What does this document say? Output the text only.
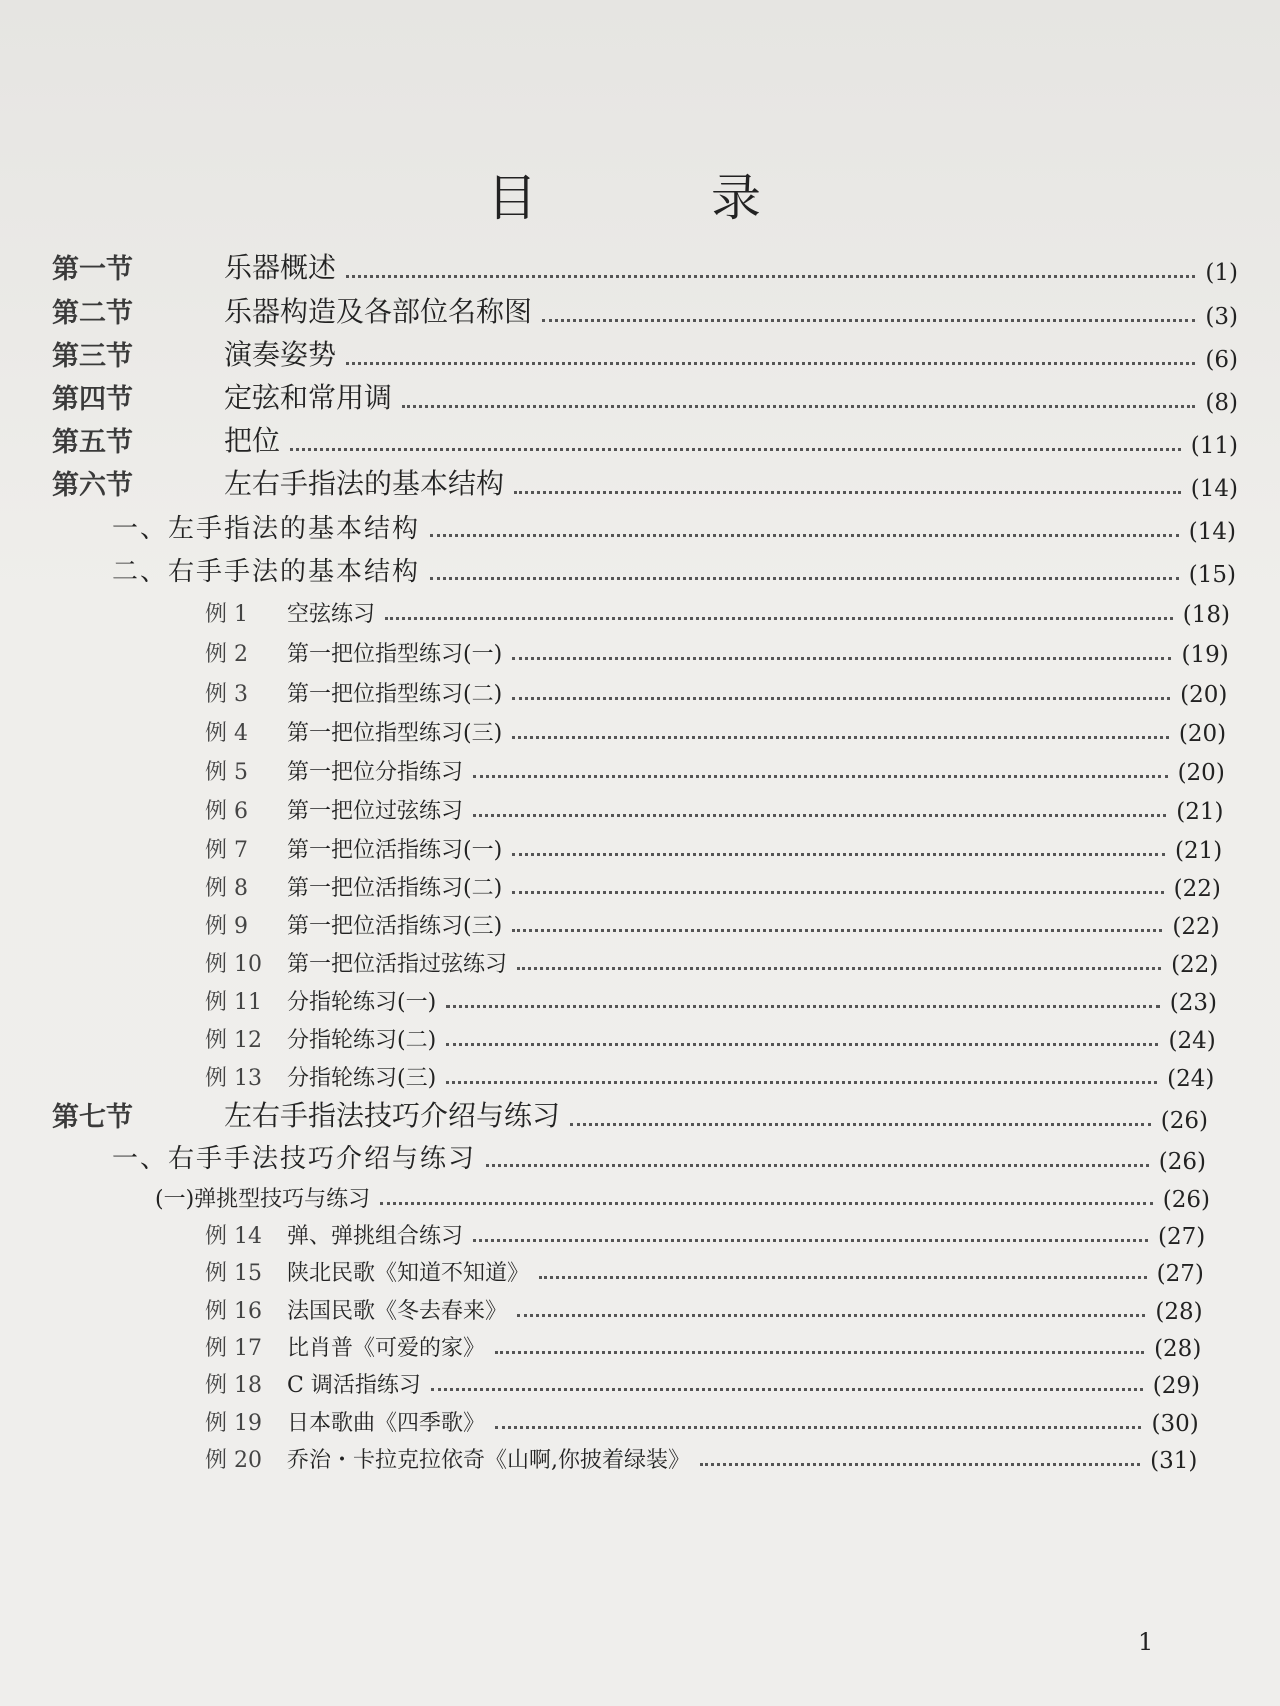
目　录
第一节	乐器概述	(1)
第二节	乐器构造及各部位名称图	(3)
第三节	演奏姿势	(6)
第四节	定弦和常用调	(8)
第五节	把位	(11)
第六节	左右手指法的基本结构	(14)
一、左手指法的基本结构	(14)
二、右手手法的基本结构	(15)
例 1	空弦练习	(18)
例 2	第一把位指型练习(一)	(19)
例 3	第一把位指型练习(二)	(20)
例 4	第一把位指型练习(三)	(20)
例 5	第一把位分指练习	(20)
例 6	第一把位过弦练习	(21)
例 7	第一把位活指练习(一)	(21)
例 8	第一把位活指练习(二)	(22)
例 9	第一把位活指练习(三)	(22)
例 10	第一把位活指过弦练习	(22)
例 11	分指轮练习(一)	(23)
例 12	分指轮练习(二)	(24)
例 13	分指轮练习(三)	(24)
第七节	左右手指法技巧介绍与练习	(26)
一、右手手法技巧介绍与练习	(26)
(一)弹挑型技巧与练习	(26)
例 14	弹、弹挑组合练习	(27)
例 15	陕北民歌《知道不知道》	(27)
例 16	法国民歌《冬去春来》	(28)
例 17	比肖普《可爱的家》	(28)
例 18	C 调活指练习	(29)
例 19	日本歌曲《四季歌》	(30)
例 20	乔治・卡拉克拉依奇《山啊,你披着绿装》	(31)
1
